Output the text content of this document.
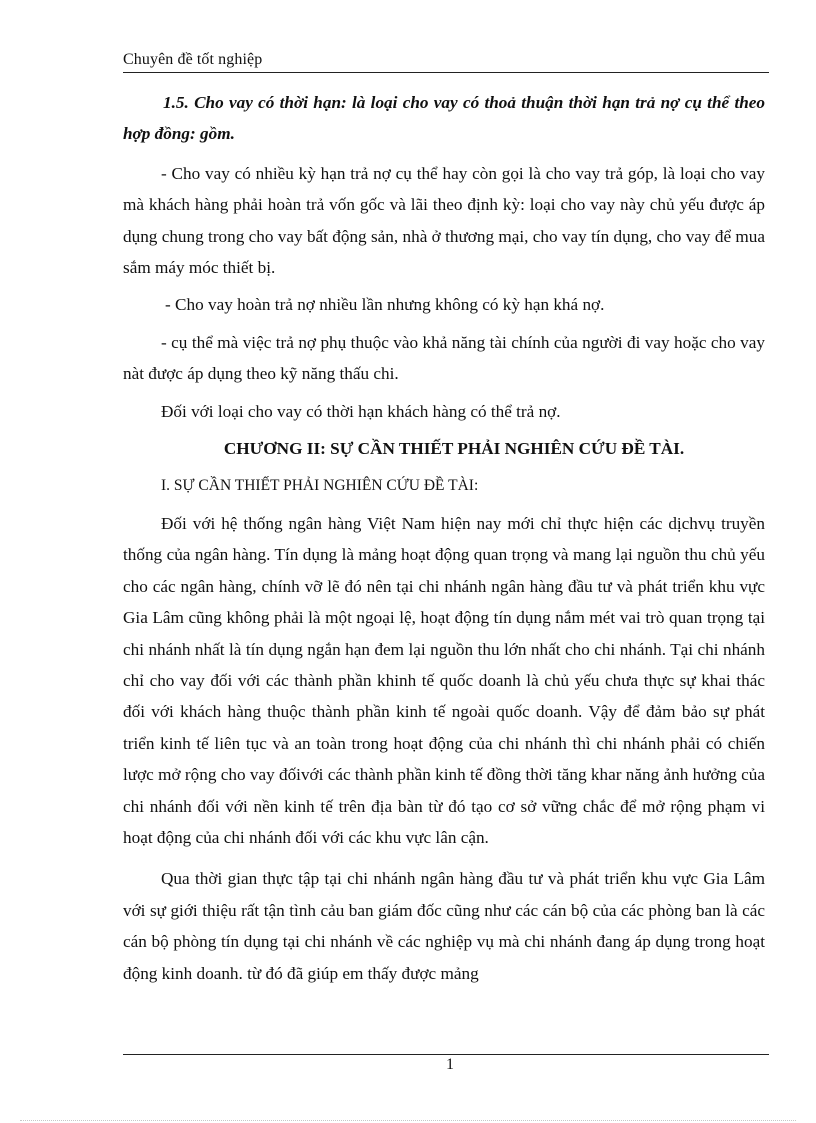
Chuyên đề tốt nghiệp

1.5. Cho vay có thời hạn: là loại cho vay có thoả thuận thời hạn trả nợ cụ thể theo hợp đồng: gồm.

- Cho vay có nhiều kỳ hạn trả nợ cụ thể hay còn gọi là cho vay trả góp, là loại cho vay mà khách hàng phải hoàn trả vốn gốc và lãi theo định kỳ: loại cho vay này chủ yếu được áp dụng chung trong cho vay bất động sản, nhà ở thương mại, cho vay tín dụng, cho vay để mua sắm máy móc thiết bị.

- Cho vay hoàn trả nợ nhiều lần nhưng không có kỳ hạn khá nợ.

- cụ thể mà việc trả nợ phụ thuộc vào khả năng tài chính của người đi vay hoặc cho vay nàt được áp dụng theo kỹ năng thấu chi.

Đối với loại cho vay có thời hạn khách hàng có thể trả nợ.

CHƯƠNG II: SỰ CẦN THIẾT PHẢI NGHIÊN CỨU ĐỀ TÀI.

I. SỰ CẦN THIẾT PHẢI NGHIÊN CỨU ĐỀ TÀI:

Đối với hệ thống ngân hàng Việt Nam hiện nay mới chỉ thực hiện các dịchvụ truyền thống của ngân hàng. Tín dụng là mảng hoạt động quan trọng và mang lại nguồn thu chủ yếu cho các ngân hàng, chính vỡ lẽ đó nên tại chi nhánh ngân hàng đầu tư và phát triển khu vực Gia Lâm cũng không phải là một ngoại lệ, hoạt động tín dụng nắm mét vai trò quan trọng tại chi nhánh nhất là tín dụng ngắn hạn đem lại nguồn thu lớn nhất cho chi nhánh. Tại chi nhánh chỉ cho vay đối với các thành phần khinh tế quốc doanh là chủ yếu chưa thực sự khai thác đối với khách hàng thuộc thành phần kinh tế ngoài quốc doanh. Vậy để đảm bảo sự phát triển kinh tế liên tục và an toàn trong hoạt động của chi nhánh thì chi nhánh phải có chiến lược mở rộng cho vay đốivới các thành phần kinh tế đồng thời tăng khar năng ảnh hưởng của chi nhánh đối với nền kinh tế trên địa bàn từ đó tạo cơ sở vững chắc để mở rộng phạm vi hoạt động của chi nhánh đối với các khu vực lân cận.

Qua thời gian thực tập tại chi nhánh ngân hàng đầu tư và phát triển khu vực Gia Lâm với sự giới thiệu rất tận tình cảu ban giám đốc cũng như các cán bộ của các phòng ban là các cán bộ phòng tín dụng tại chi nhánh về các nghiệp vụ mà chi nhánh đang áp dụng trong hoạt động kinh doanh. từ đó đã giúp em thấy được mảng

1
